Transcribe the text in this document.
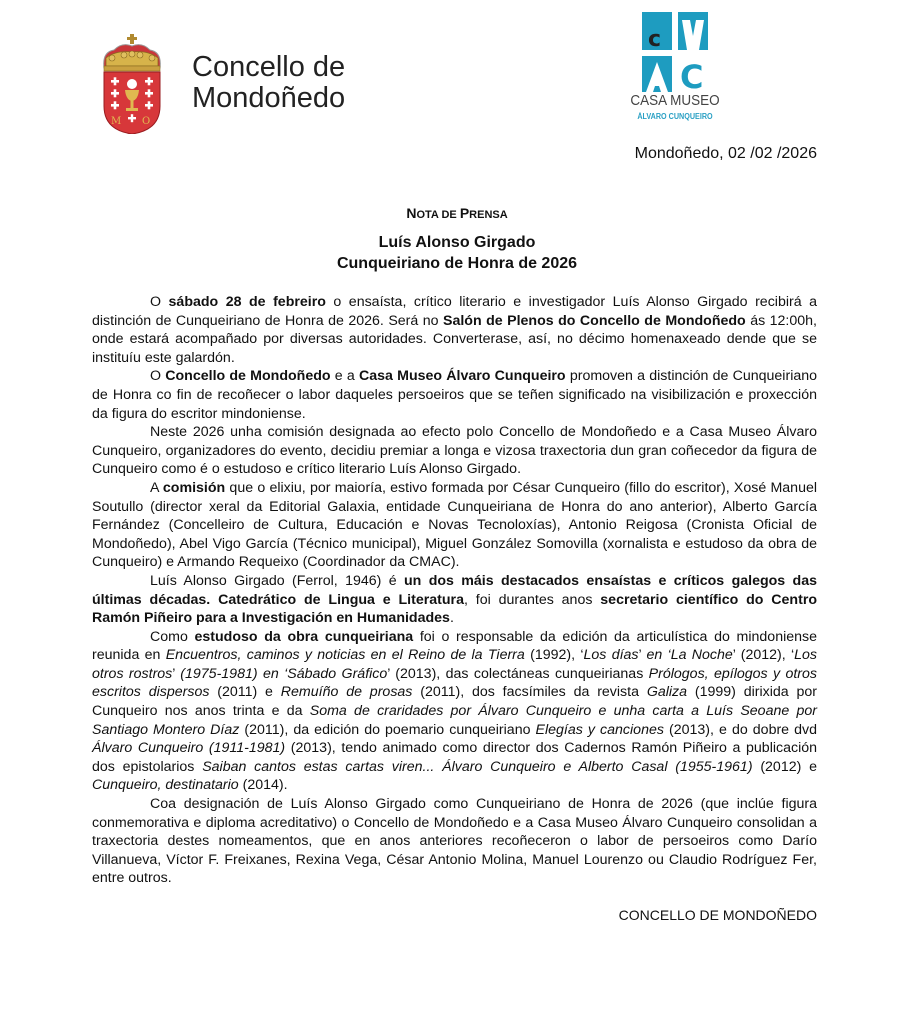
M O
Concello de
Mondoñedo
c
C
CASA MUSEO
ÁLVARO CUNQUEIRO
Mondoñedo, 02 /02 /2026
NOTA DE PRENSA
Luís Alonso Girgado
Cunqueiriano de Honra de 2026

O sábado 28 de febreiro o ensaísta, crítico literario e investigador Luís Alonso Girgado recibirá a distinción de Cunqueiriano de Honra de 2026. Será no Salón de Plenos do Concello de Mondoñedo ás 12:00h, onde estará acompañado por diversas autoridades. Converterase, así, no décimo homenaxeado dende que se instituíu este galardón.

O Concello de Mondoñedo e a Casa Museo Álvaro Cunqueiro promoven a distinción de Cunqueiriano de Honra co fin de recoñecer o labor daqueles persoeiros que se teñen significado na visibilización e proxección da figura do escritor mindoniense.

Neste 2026 unha comisión designada ao efecto polo Concello de Mondoñedo e a Casa Museo Álvaro Cunqueiro, organizadores do evento, decidiu premiar a longa e vizosa traxectoria dun gran coñecedor da figura de Cunqueiro como é o estudoso e crítico literario Luís Alonso Girgado.

A comisión que o elixiu, por maioría, estivo formada por César Cunqueiro (fillo do escritor), Xosé Manuel Soutullo (director xeral da Editorial Galaxia, entidade Cunqueiriana de Honra do ano anterior), Alberto García Fernández (Concelleiro de Cultura, Educación e Novas Tecnoloxías), Antonio Reigosa (Cronista Oficial de Mondoñedo), Abel Vigo García (Técnico municipal), Miguel González Somovilla (xornalista e estudoso da obra de Cunqueiro) e Armando Requeixo (Coordinador da CMAC).

Luís Alonso Girgado (Ferrol, 1946) é un dos máis destacados ensaístas e críticos galegos das últimas décadas. Catedrático de Lingua e Literatura, foi durantes anos secretario científico do Centro Ramón Piñeiro para a Investigación en Humanidades.

Como estudoso da obra cunqueiriana foi o responsable da edición da articulística do mindoniense reunida en Encuentros, caminos y noticias en el Reino de la Tierra (1992), ‘Los días’ en ‘La Noche’ (2012), ‘Los otros rostros’ (1975-1981) en ‘Sábado Gráfico’ (2013), das colectáneas cunqueirianas Prólogos, epílogos y otros escritos dispersos (2011) e Remuíño de prosas (2011), dos facsímiles da revista Galiza (1999) dirixida por Cunqueiro nos anos trinta e da Soma de craridades por Álvaro Cunqueiro e unha carta a Luís Seoane por Santiago Montero Díaz (2011), da edición do poemario cunqueiriano Elegías y canciones (2013), e do dobre dvd Álvaro Cunqueiro (1911-1981) (2013), tendo animado como director dos Cadernos Ramón Piñeiro a publicación dos epistolarios Saiban cantos estas cartas viren... Álvaro Cunqueiro e Alberto Casal (1955-1961) (2012) e Cunqueiro, destinatario (2014).

Coa designación de Luís Alonso Girgado como Cunqueiriano de Honra de 2026 (que inclúe figura conmemorativa e diploma acreditativo) o Concello de Mondoñedo e a Casa Museo Álvaro Cunqueiro consolidan a traxectoria destes nomeamentos, que en anos anteriores recoñeceron o labor de persoeiros como Darío Villanueva, Víctor F. Freixanes, Rexina Vega, César Antonio Molina, Manuel Lourenzo ou Claudio Rodríguez Fer, entre outros.

CONCELLO DE MONDOÑEDO
